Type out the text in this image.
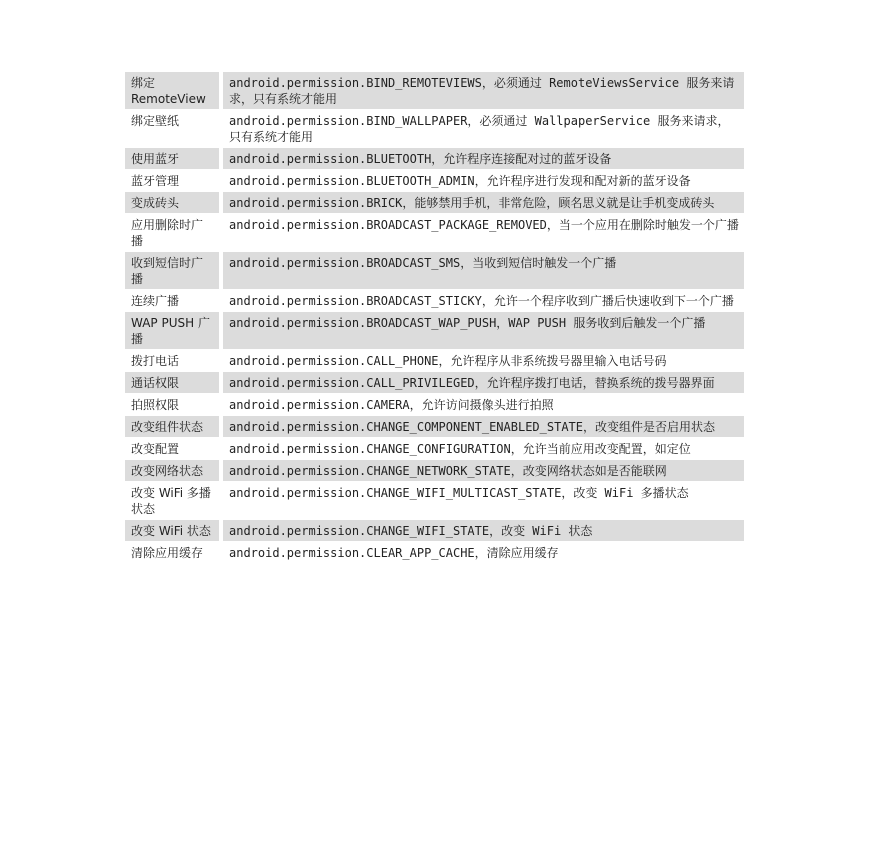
绑定 RemoteView	android.permission.BIND_REMOTEVIEWS，必须通过 RemoteViewsService 服务来请求，只有系统才能用
绑定壁纸	android.permission.BIND_WALLPAPER，必须通过 WallpaperService 服务来请求，只有系统才能用
使用蓝牙	android.permission.BLUETOOTH，允许程序连接配对过的蓝牙设备
蓝牙管理	android.permission.BLUETOOTH_ADMIN，允许程序进行发现和配对新的蓝牙设备
变成砖头	android.permission.BRICK，能够禁用手机，非常危险，顾名思义就是让手机变成砖头
应用删除时广播	android.permission.BROADCAST_PACKAGE_REMOVED，当一个应用在删除时触发一个广播
收到短信时广播	android.permission.BROADCAST_SMS，当收到短信时触发一个广播
连续广播	android.permission.BROADCAST_STICKY，允许一个程序收到广播后快速收到下一个广播
WAP PUSH 广播	android.permission.BROADCAST_WAP_PUSH，WAP PUSH 服务收到后触发一个广播
拨打电话	android.permission.CALL_PHONE，允许程序从非系统拨号器里输入电话号码
通话权限	android.permission.CALL_PRIVILEGED，允许程序拨打电话，替换系统的拨号器界面
拍照权限	android.permission.CAMERA，允许访问摄像头进行拍照
改变组件状态	android.permission.CHANGE_COMPONENT_ENABLED_STATE，改变组件是否启用状态
改变配置	android.permission.CHANGE_CONFIGURATION，允许当前应用改变配置，如定位
改变网络状态	android.permission.CHANGE_NETWORK_STATE，改变网络状态如是否能联网
改变 WiFi 多播状态	android.permission.CHANGE_WIFI_MULTICAST_STATE，改变 WiFi 多播状态
改变 WiFi 状态	android.permission.CHANGE_WIFI_STATE，改变 WiFi 状态
清除应用缓存	android.permission.CLEAR_APP_CACHE，清除应用缓存
